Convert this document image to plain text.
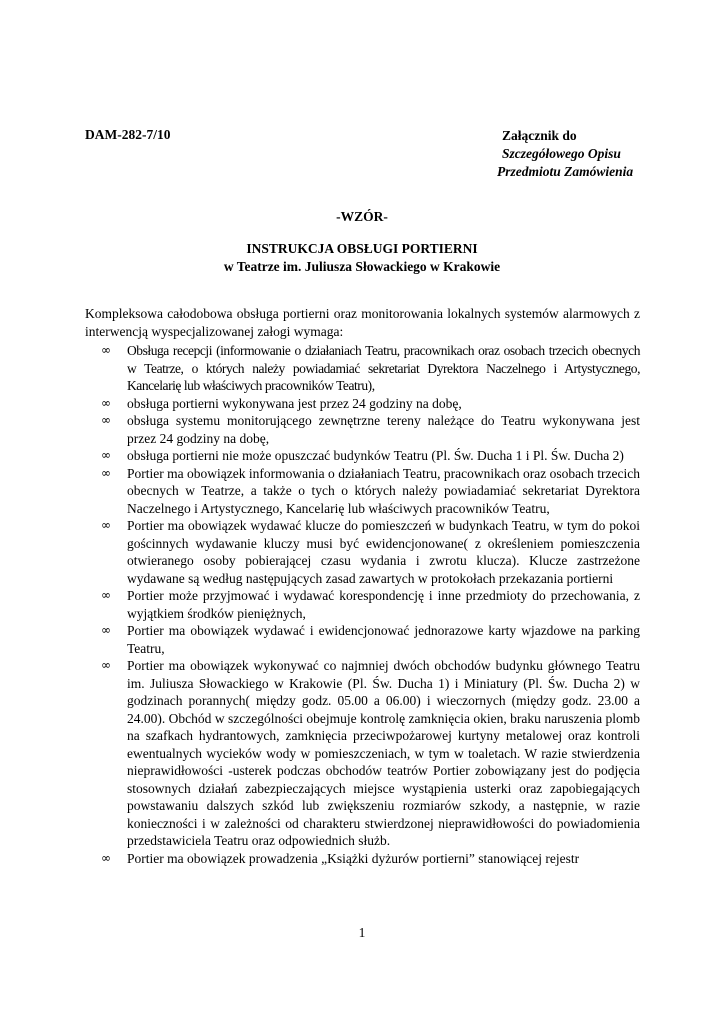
DAM-282-7/10	Załącznik do
Szczegółowego Opisu
Przedmiotu Zamówienia
-WZÓR-
INSTRUKCJA OBSŁUGI PORTIERNI
w Teatrze im. Juliusza Słowackiego w Krakowie
Kompleksowa całodobowa obsługa portierni oraz monitorowania lokalnych systemów alarmowych z interwencją wyspecjalizowanej załogi wymaga:
∞ Obsługa recepcji (informowanie o działaniach Teatru, pracownikach oraz osobach trzecich obecnych w Teatrze, o których należy powiadamiać sekretariat Dyrektora Naczelnego i Artystycznego, Kancelarię lub właściwych pracowników Teatru),
∞ obsługa portierni wykonywana jest przez 24 godziny na dobę,
∞ obsługa systemu monitorującego zewnętrzne tereny należące do Teatru wykonywana jest przez 24 godziny na dobę,
∞ obsługa portierni nie może opuszczać budynków Teatru (Pl. Św. Ducha 1 i Pl. Św. Ducha 2)
∞ Portier ma obowiązek informowania o działaniach Teatru, pracownikach oraz osobach trzecich obecnych w Teatrze, a także o tych o których należy powiadamiać sekretariat Dyrektora Naczelnego i Artystycznego, Kancelarię lub właściwych pracowników Teatru,
∞ Portier ma obowiązek wydawać klucze do pomieszczeń w budynkach Teatru, w tym do pokoi gościnnych wydawanie kluczy musi być ewidencjonowane( z określeniem pomieszczenia otwieranego osoby pobierającej czasu wydania i zwrotu klucza). Klucze zastrzeżone wydawane są według następujących zasad zawartych w protokołach przekazania portierni
∞ Portier może przyjmować i wydawać korespondencję i inne przedmioty do przechowania, z wyjątkiem środków pieniężnych,
∞ Portier ma obowiązek wydawać i ewidencjonować jednorazowe karty wjazdowe na parking Teatru,
∞ Portier ma obowiązek wykonywać co najmniej dwóch obchodów budynku głównego Teatru im. Juliusza Słowackiego w Krakowie (Pl. Św. Ducha 1) i Miniatury (Pl. Św. Ducha 2) w godzinach porannych( między godz. 05.00 a 06.00) i wieczornych (między godz. 23.00 a 24.00). Obchód w szczególności obejmuje kontrolę zamknięcia okien, braku naruszenia plomb na szafkach hydrantowych, zamknięcia przeciwpożarowej kurtyny metalowej oraz kontroli ewentualnych wycieków wody w pomieszczeniach, w tym w toaletach. W razie stwierdzenia nieprawidłowości -usterek podczas obchodów teatrów Portier zobowiązany jest do podjęcia stosownych działań zabezpieczających miejsce wystąpienia usterki oraz zapobiegających powstawaniu dalszych szkód lub zwiększeniu rozmiarów szkody, a następnie, w razie konieczności i w zależności od charakteru stwierdzonej nieprawidłowości do powiadomienia przedstawiciela Teatru oraz odpowiednich służb.
∞ Portier ma obowiązek prowadzenia „Książki dyżurów portierni” stanowiącej rejestr
1
